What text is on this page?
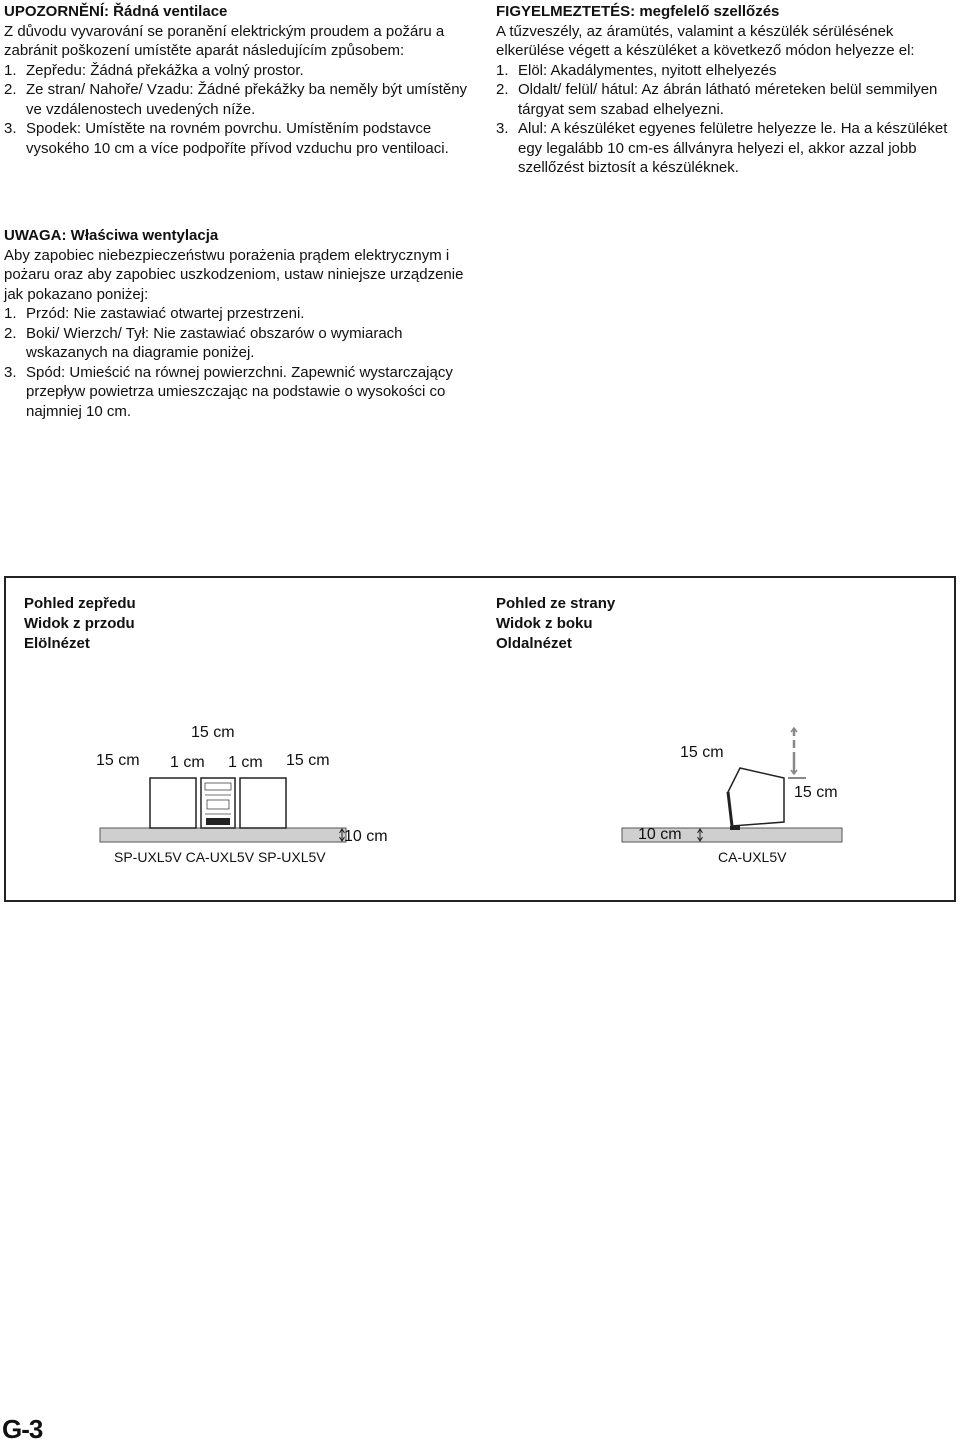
UPOZORNĚNÍ: Řádná ventilace
Z důvodu vyvarování se poranění elektrickým proudem a požáru a zabránit poškození umístěte aparát následujícím způsobem:
1. Zepředu: Žádná překážka a volný prostor.
2. Ze stran/ Nahoře/ Vzadu: Žádné překážky ba neměly být umístěny ve vzdálenostech uvedených níže.
3. Spodek: Umístěte na rovném povrchu. Umístěním podstavce vysokého 10 cm a více podpoříte přívod vzduchu pro ventiloaci.
FIGYELMEZTETÉS: megfelelő szellőzés
A tűzveszély, az áramütés, valamint a készülék sérülésének elkerülése végett a készüléket a következő módon helyezze el:
1. Elöl: Akadálymentes, nyitott elhelyezés
2. Oldalt/ felül/ hátul: Az ábrán látható méreteken belül semmilyen tárgyat sem szabad elhelyezni.
3. Alul: A készüléket egyenes felületre helyezze le. Ha a készüléket egy legalább 10 cm-es állványra helyezi el, akkor azzal jobb szellőzést biztosít a készüléknek.
UWAGA: Właściwa wentylacja
Aby zapobiec niebezpieczeństwu porażenia prądem elektrycznym i pożaru oraz aby zapobiec uszkodzeniom, ustaw niniejsze urządzenie jak pokazano poniżej:
1. Przód: Nie zastawiać otwartej przestrzeni.
2. Boki/ Wierzch/ Tył: Nie zastawiać obszarów o wymiarach wskazanych na diagramie poniżej.
3. Spód: Umieścić na równej powierzchni. Zapewnić wystarczający przepływ powietrza umieszczając na podstawie o wysokości co najmniej 10 cm.
Pohled zepředu
Widok z przodu
Elölnézet
Pohled ze strany
Widok z boku
Oldalnézet
15 cm
15 cm 1 cm 1 cm 15 cm
10 cm
SP-UXL5V CA-UXL5V SP-UXL5V
15 cm
15 cm
10 cm
CA-UXL5V
G-3
